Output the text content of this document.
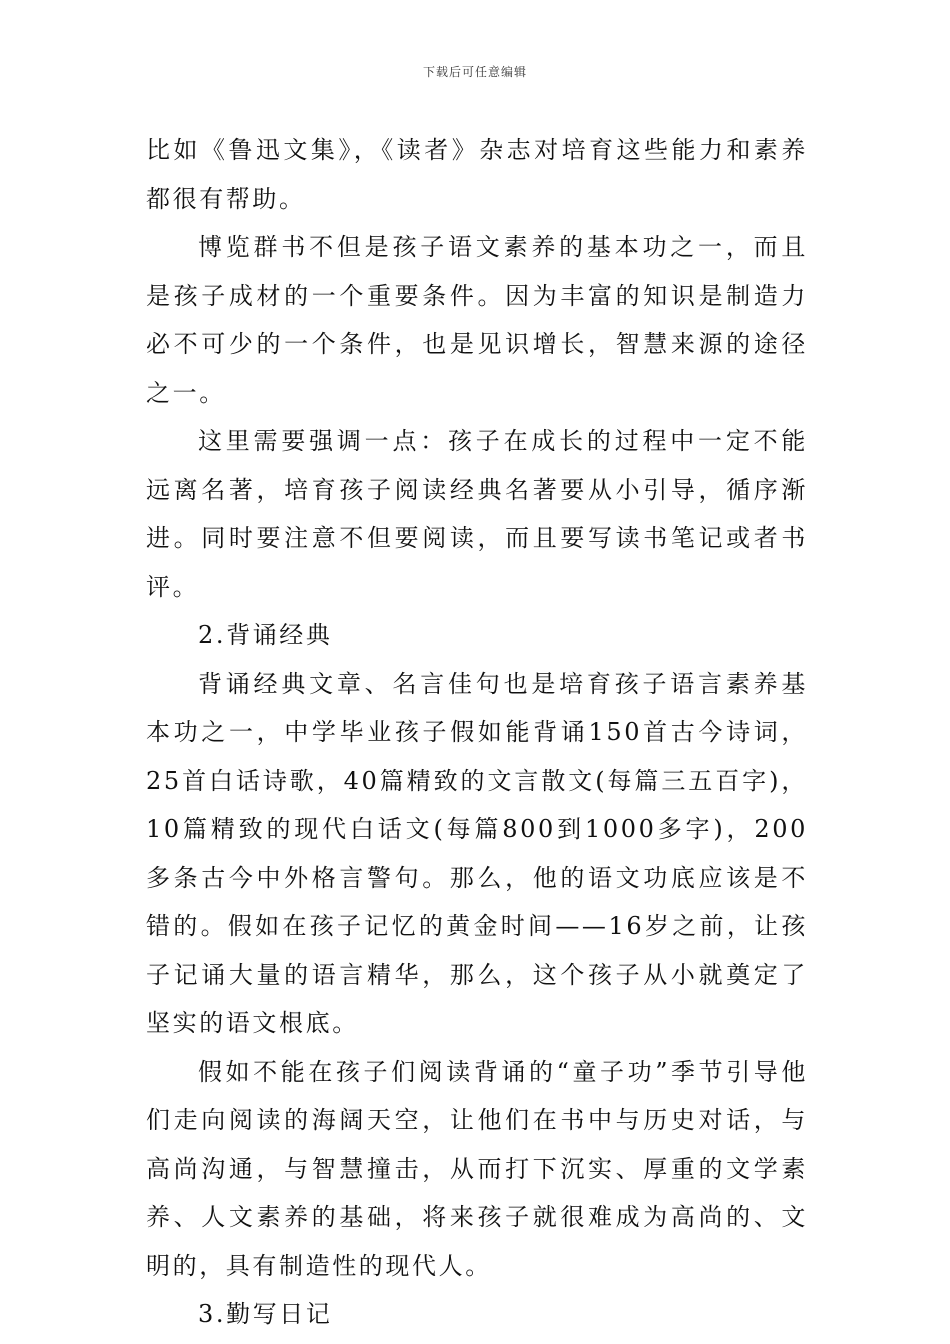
下载后可任意编辑

比如《鲁迅文集》，《读者》杂志对培育这些能力和素养都很有帮助。

博览群书不但是孩子语文素养的基本功之一，而且是孩子成材的一个重要条件。因为丰富的知识是制造力必不可少的一个条件，也是见识增长，智慧来源的途径之一。

这里需要强调一点：孩子在成长的过程中一定不能远离名著，培育孩子阅读经典名著要从小引导，循序渐进。同时要注意不但要阅读，而且要写读书笔记或者书评。

2.背诵经典

背诵经典文章、名言佳句也是培育孩子语言素养基本功之一，中学毕业孩子假如能背诵150首古今诗词，25首白话诗歌，40篇精致的文言散文(每篇三五百字)，10篇精致的现代白话文(每篇800到1000多字)，200多条古今中外格言警句。那么，他的语文功底应该是不错的。假如在孩子记忆的黄金时间——16岁之前，让孩子记诵大量的语言精华，那么，这个孩子从小就奠定了坚实的语文根底。

假如不能在孩子们阅读背诵的“童子功”季节引导他们走向阅读的海阔天空，让他们在书中与历史对话，与高尚沟通，与智慧撞击，从而打下沉实、厚重的文学素养、人文素养的基础，将来孩子就很难成为高尚的、文明的，具有制造性的现代人。

3.勤写日记
